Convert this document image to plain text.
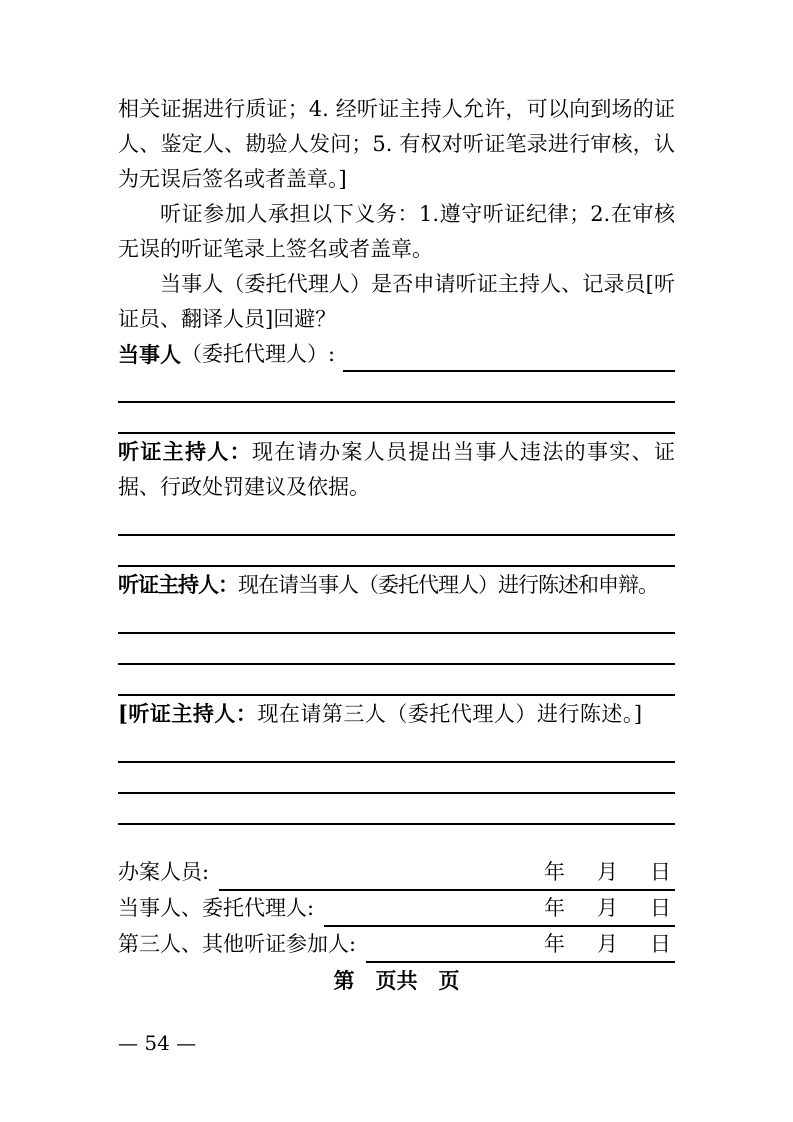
相关证据进行质证；4. 经听证主持人允许，可以向到场的证人、鉴定人、勘验人发问；5. 有权对听证笔录进行审核，认为无误后签名或者盖章。]

听证参加人承担以下义务：1.遵守听证纪律；2.在审核无误的听证笔录上签名或者盖章。

当事人（委托代理人）是否申请听证主持人、记录员[听证员、翻译人员]回避？

当事人 （委托代理人）:

听证主持人：现在请办案人员提出当事人违法的事实、证据、行政处罚建议及依据。

听证主持人：现在请当事人（委托代理人）进行陈述和申辩。

[听证主持人：现在请第三人（委托代理人）进行陈述。]

办案人员:	年 月 日
当事人、委托代理人:	年 月 日
第三人、其他听证参加人:	年 月 日

第　页共　页

— 54 —
